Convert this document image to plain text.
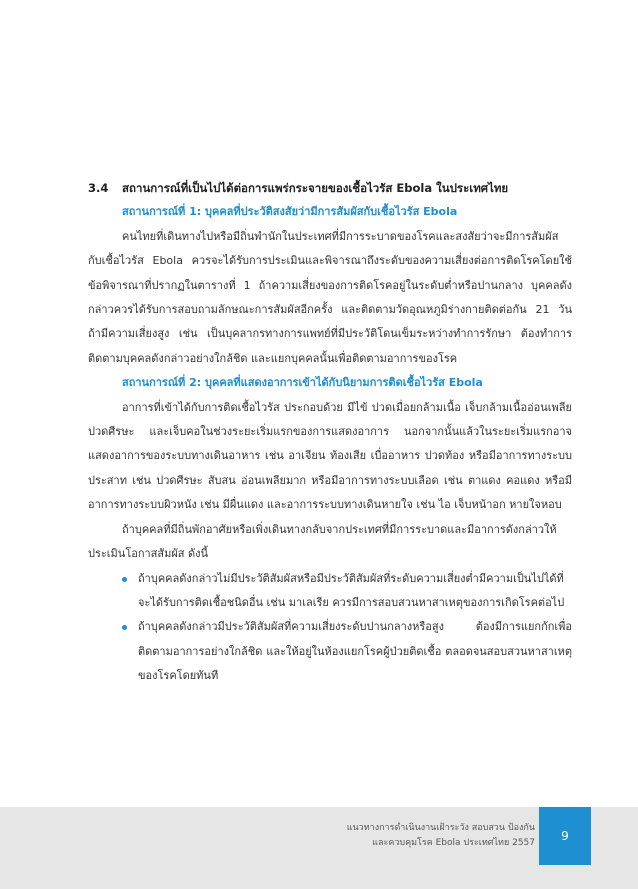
3.4 สถานการณ์ที่เป็นไปได้ต่อการแพร่กระจายของเชื้อไวรัส Ebola ในประเทศไทย

สถานการณ์ที่ 1: บุคคลที่ประวัติสงสัยว่ามีการสัมผัสกับเชื้อไวรัส Ebola

คนไทยที่เดินทางไปหรือมีถิ่นพำนักในประเทศที่มีการระบาดของโรคและสงสัยว่าจะมีการสัมผัสกับเชื้อไวรัส Ebola ควรจะได้รับการประเมินและพิจารณาถึงระดับของความเสี่ยงต่อการติดโรคโดยใช้ข้อพิจารณาที่ปรากฏในตารางที่ 1 ถ้าความเสี่ยงของการติดโรคอยู่ในระดับต่ำหรือปานกลาง บุคคลดังกล่าวควรได้รับการสอบถามลักษณะการสัมผัสอีกครั้ง และติดตามวัดอุณหภูมิร่างกายติดต่อกัน 21 วัน ถ้ามีความเสี่ยงสูง เช่น เป็นบุคลากรทางการแพทย์ที่มีประวัติโดนเข็มระหว่างทำการรักษา ต้องทำการติดตามบุคคลดังกล่าวอย่างใกล้ชิด และแยกบุคคลนั้นเพื่อติดตามอาการของโรค

สถานการณ์ที่ 2: บุคคลที่แสดงอาการเข้าได้กับนิยามการติดเชื้อไวรัส Ebola

อาการที่เข้าได้กับการติดเชื้อไวรัส ประกอบด้วย มีไข้ ปวดเมื่อยกล้ามเนื้อ เจ็บกล้ามเนื้ออ่อนเพลีย ปวดศีรษะ และเจ็บคอในช่วงระยะเริ่มแรกของการแสดงอาการ นอกจากนั้นแล้วในระยะเริ่มแรกอาจแสดงอาการของระบบทางเดินอาหาร เช่น อาเจียน ท้องเสีย เบื่ออาหาร ปวดท้อง หรือมีอาการทางระบบประสาท เช่น ปวดศีรษะ สับสน อ่อนเพลียมาก หรือมีอาการทางระบบเลือด เช่น ตาแดง คอแดง หรือมีอาการทางระบบผิวหนัง เช่น มีผื่นแดง และอาการระบบทางเดินหายใจ เช่น ไอ เจ็บหน้าอก หายใจหอบ

ถ้าบุคคลที่มีถิ่นพักอาศัยหรือเพิ่งเดินทางกลับจากประเทศที่มีการระบาดและมีอาการดังกล่าวให้ประเมินโอกาสสัมผัส ดังนี้

ถ้าบุคคลดังกล่าวไม่มีประวัติสัมผัสหรือมีประวัติสัมผัสที่ระดับความเสี่ยงต่ำมีความเป็นไปได้ที่จะได้รับการติดเชื้อชนิดอื่น เช่น มาเลเรีย ควรมีการสอบสวนหาสาเหตุของการเกิดโรคต่อไป
ถ้าบุคคลดังกล่าวมีประวัติสัมผัสที่ความเสี่ยงระดับปานกลางหรือสูง ต้องมีการแยกกักเพื่อติดตามอาการอย่างใกล้ชิด และให้อยู่ในห้องแยกโรคผู้ป่วยติดเชื้อ ตลอดจนสอบสวนหาสาเหตุของโรคโดยทันที
แนวทางการดำเนินงานเฝ้าระวัง สอบสวน ป้องกัน
และควบคุมโรค Ebola ประเทศไทย 2557	9
